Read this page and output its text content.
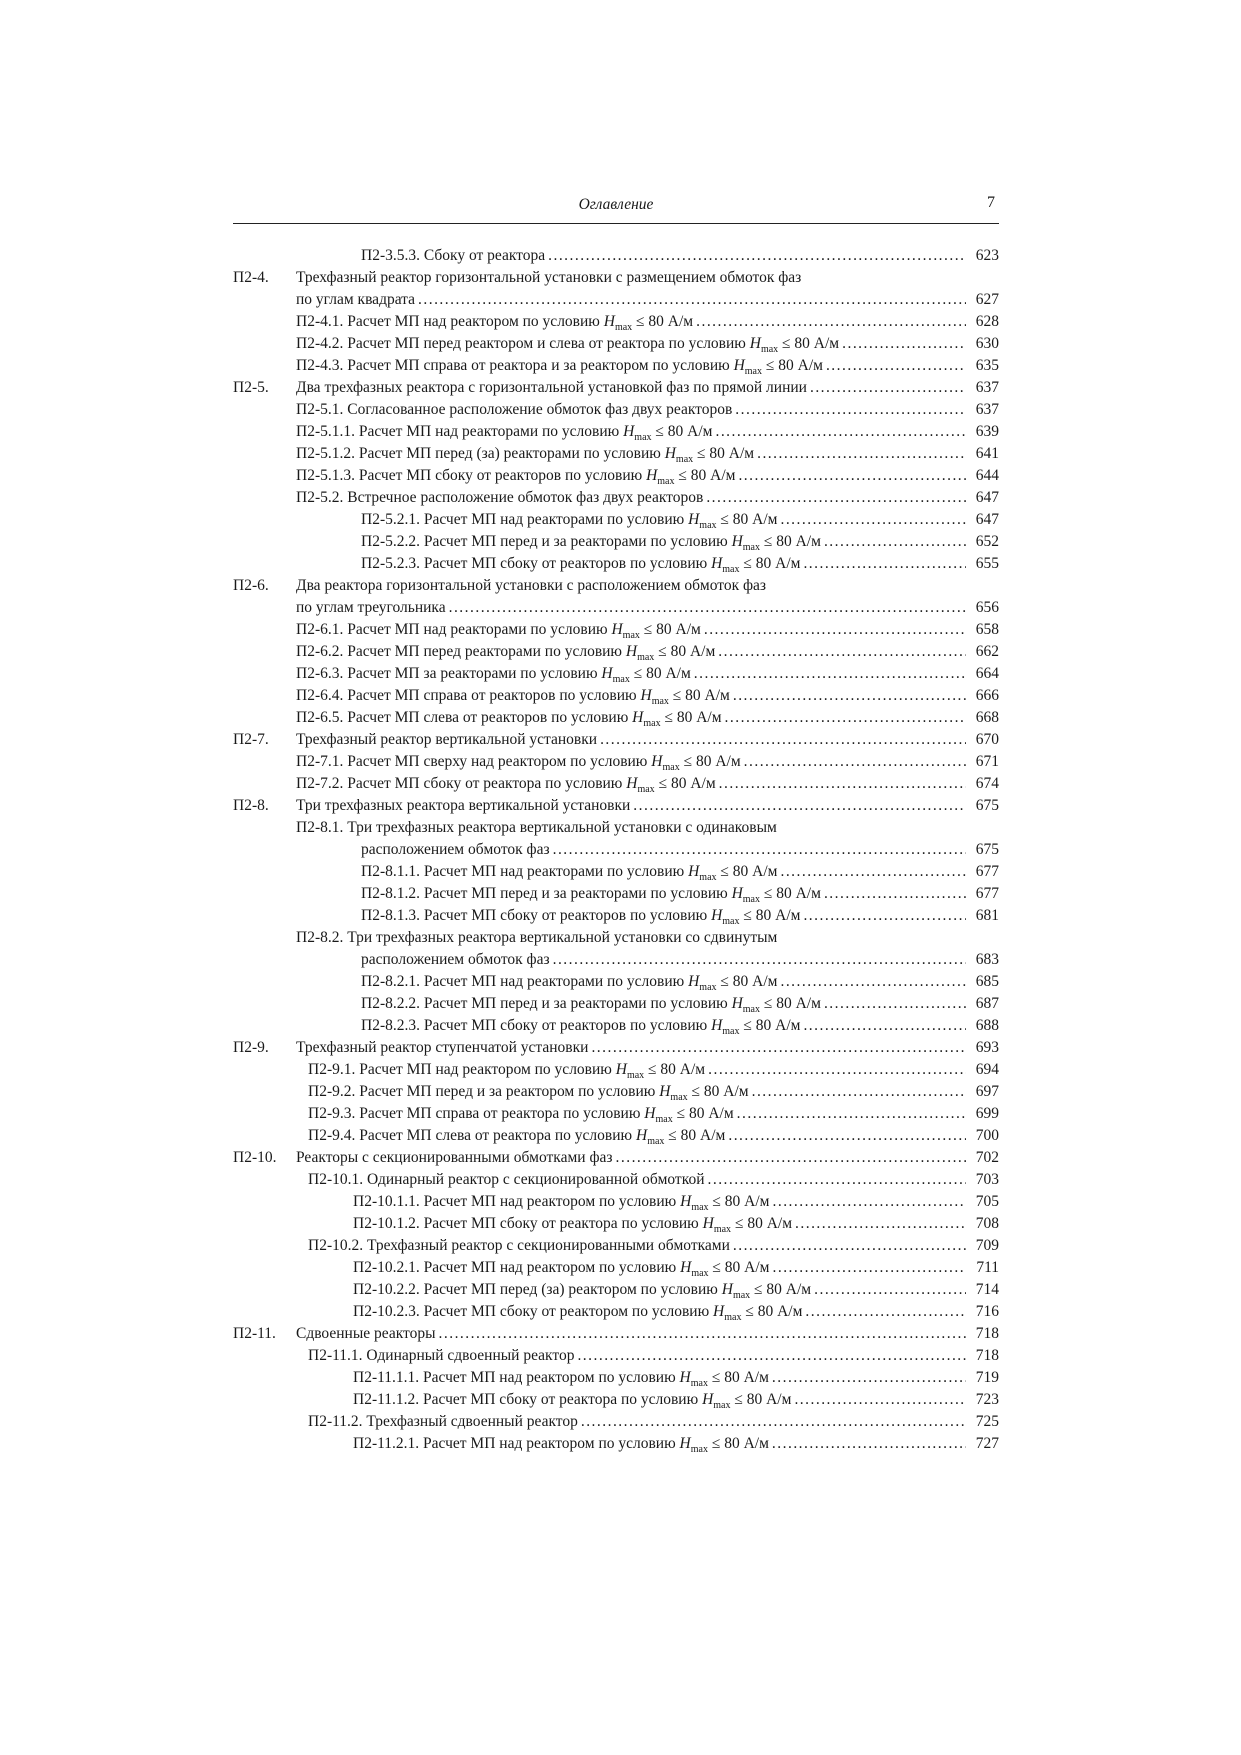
Оглавление	7
П2-3.5.3. Сбоку от реактора . . .	623
П2-4. Трехфазный реактор горизонтальной установки с размещением обмоток фаз
по углам квадрата . . .	627
П2-4.1. Расчет МП над реактором по условию $H_{max} \le 80$ А/м . . .	628
П2-4.2. Расчет МП перед реактором и слева от реактора по условию $H_{max} \le 80$ А/м . . .	630
П2-4.3. Расчет МП справа от реактора и за реактором по условию $H_{max} \le 80$ А/м . . .	635
П2-5. Два трехфазных реактора с горизонтальной установкой фаз по прямой линии . . .	637
П2-5.1. Согласованное расположение обмоток фаз двух реакторов . . .	637
П2-5.1.1. Расчет МП над реакторами по условию $H_{max} \le 80$ А/м . . .	639
П2-5.1.2. Расчет МП перед (за) реакторами по условию $H_{max} \le 80$ А/м . . .	641
П2-5.1.3. Расчет МП сбоку от реакторов по условию $H_{max} \le 80$ А/м . . .	644
П2-5.2. Встречное расположение обмоток фаз двух реакторов . . .	647
П2-5.2.1. Расчет МП над реакторами по условию $H_{max} \le 80$ А/м . . .	647
П2-5.2.2. Расчет МП перед и за реакторами по условию $H_{max} \le 80$ А/м . . .	652
П2-5.2.3. Расчет МП сбоку от реакторов по условию $H_{max} \le 80$ А/м . . .	655
П2-6. Два реактора горизонтальной установки с расположением обмоток фаз
по углам треугольника . . .	656
П2-6.1. Расчет МП над реакторами по условию $H_{max} \le 80$ А/м . . .	658
П2-6.2. Расчет МП перед реакторами по условию $H_{max} \le 80$ А/м . . .	662
П2-6.3. Расчет МП за реакторами по условию $H_{max} \le 80$ А/м . . .	664
П2-6.4. Расчет МП справа от реакторов по условию $H_{max} \le 80$ А/м . . .	666
П2-6.5. Расчет МП слева от реакторов по условию $H_{max} \le 80$ А/м . . .	668
П2-7. Трехфазный реактор вертикальной установки . . .	670
П2-7.1. Расчет МП сверху над реактором по условию $H_{max} \le 80$ А/м . . .	671
П2-7.2. Расчет МП сбоку от реактора по условию $H_{max} \le 80$ А/м . . .	674
П2-8. Три трехфазных реактора вертикальной установки . . .	675
П2-8.1. Три трехфазных реактора вертикальной установки с одинаковым
расположением обмоток фаз . . .	675
П2-8.1.1. Расчет МП над реакторами по условию $H_{max} \le 80$ А/м . . .	677
П2-8.1.2. Расчет МП перед и за реакторами по условию $H_{max} \le 80$ А/м . . .	677
П2-8.1.3. Расчет МП сбоку от реакторов по условию $H_{max} \le 80$ А/м . . .	681
П2-8.2. Три трехфазных реактора вертикальной установки со сдвинутым
расположением обмоток фаз . . .	683
П2-8.2.1. Расчет МП над реакторами по условию $H_{max} \le 80$ А/м . . .	685
П2-8.2.2. Расчет МП перед и за реакторами по условию $H_{max} \le 80$ А/м . . .	687
П2-8.2.3. Расчет МП сбоку от реакторов по условию $H_{max} \le 80$ А/м . . .	688
П2-9. Трехфазный реактор ступенчатой установки . . .	693
П2-9.1. Расчет МП над реактором по условию $H_{max} \le 80$ А/м . . .	694
П2-9.2. Расчет МП перед и за реактором по условию $H_{max} \le 80$ А/м . . .	697
П2-9.3. Расчет МП справа от реактора по условию $H_{max} \le 80$ А/м . . .	699
П2-9.4. Расчет МП слева от реактора по условию $H_{max} \le 80$ А/м . . .	700
П2-10. Реакторы с секционированными обмотками фаз . . .	702
П2-10.1. Одинарный реактор с секционированной обмоткой . . .	703
П2-10.1.1. Расчет МП над реактором по условию $H_{max} \le 80$ А/м . . .	705
П2-10.1.2. Расчет МП сбоку от реактора по условию $H_{max} \le 80$ А/м . . .	708
П2-10.2. Трехфазный реактор с секционированными обмотками . . .	709
П2-10.2.1. Расчет МП над реактором по условию $H_{max} \le 80$ А/м . . .	711
П2-10.2.2. Расчет МП перед (за) реактором по условию $H_{max} \le 80$ А/м . . .	714
П2-10.2.3. Расчет МП сбоку от реактором по условию $H_{max} \le 80$ А/м . . .	716
П2-11. Сдвоенные реакторы . . .	718
П2-11.1. Одинарный сдвоенный реактор . . .	718
П2-11.1.1. Расчет МП над реактором по условию $H_{max} \le 80$ А/м . . .	719
П2-11.1.2. Расчет МП сбоку от реактора по условию $H_{max} \le 80$ А/м . . .	723
П2-11.2. Трехфазный сдвоенный реактор . . .	725
П2-11.2.1. Расчет МП над реактором по условию $H_{max} \le 80$ А/м . . .	727
